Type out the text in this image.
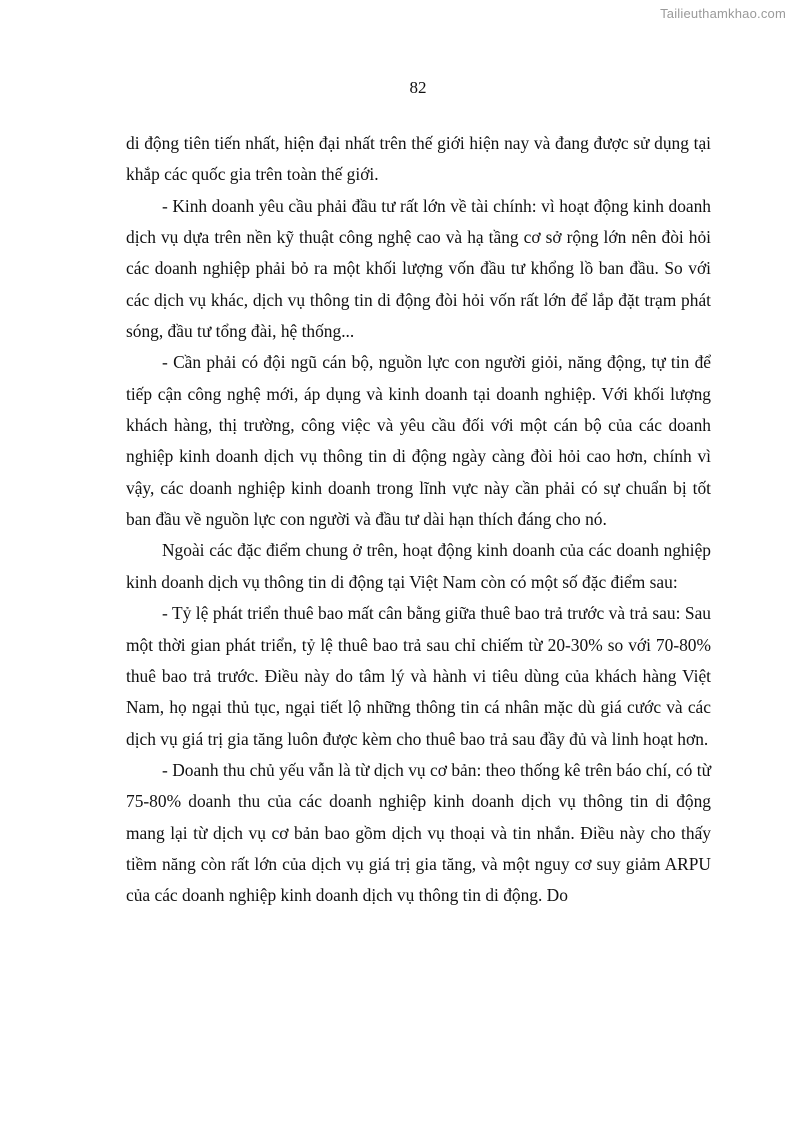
Tailieuthamkhao.com
82

di động tiên tiến nhất, hiện đại nhất trên thế giới hiện nay và đang được sử dụng tại khắp các quốc gia trên toàn thế giới.

- Kinh doanh yêu cầu phải đầu tư rất lớn về tài chính: vì hoạt động kinh doanh dịch vụ dựa trên nền kỹ thuật công nghệ cao và hạ tầng cơ sở rộng lớn nên đòi hỏi các doanh nghiệp phải bỏ ra một khối lượng vốn đầu tư khổng lồ ban đầu. So với các dịch vụ khác, dịch vụ thông tin di động đòi hỏi vốn rất lớn để lắp đặt trạm phát sóng, đầu tư tổng đài, hệ thống...

- Cần phải có đội ngũ cán bộ, nguồn lực con người giỏi, năng động, tự tin để tiếp cận công nghệ mới, áp dụng và kinh doanh tại doanh nghiệp. Với khối lượng khách hàng, thị trường, công việc và yêu cầu đối với một cán bộ của các doanh nghiệp kinh doanh dịch vụ thông tin di động ngày càng đòi hỏi cao hơn, chính vì vậy, các doanh nghiệp kinh doanh trong lĩnh vực này cần phải có sự chuẩn bị tốt ban đầu về nguồn lực con người và đầu tư dài hạn thích đáng cho nó.

Ngoài các đặc điểm chung ở trên, hoạt động kinh doanh của các doanh nghiệp kinh doanh dịch vụ thông tin di động tại Việt Nam còn có một số đặc điểm sau:

- Tỷ lệ phát triển thuê bao mất cân bằng giữa thuê bao trả trước và trả sau: Sau một thời gian phát triển, tỷ lệ thuê bao trả sau chỉ chiếm từ 20-30% so với 70-80% thuê bao trả trước. Điều này do tâm lý và hành vi tiêu dùng của khách hàng Việt Nam, họ ngại thủ tục, ngại tiết lộ những thông tin cá nhân mặc dù giá cước và các dịch vụ giá trị gia tăng luôn được kèm cho thuê bao trả sau đầy đủ và linh hoạt hơn.

- Doanh thu chủ yếu vẫn là từ dịch vụ cơ bản: theo thống kê trên báo chí, có từ 75-80% doanh thu của các doanh nghiệp kinh doanh dịch vụ thông tin di động mang lại từ dịch vụ cơ bản bao gồm dịch vụ thoại và tin nhắn. Điều này cho thấy tiềm năng còn rất lớn của dịch vụ giá trị gia tăng, và một nguy cơ suy giảm ARPU của các doanh nghiệp kinh doanh dịch vụ thông tin di động. Do
